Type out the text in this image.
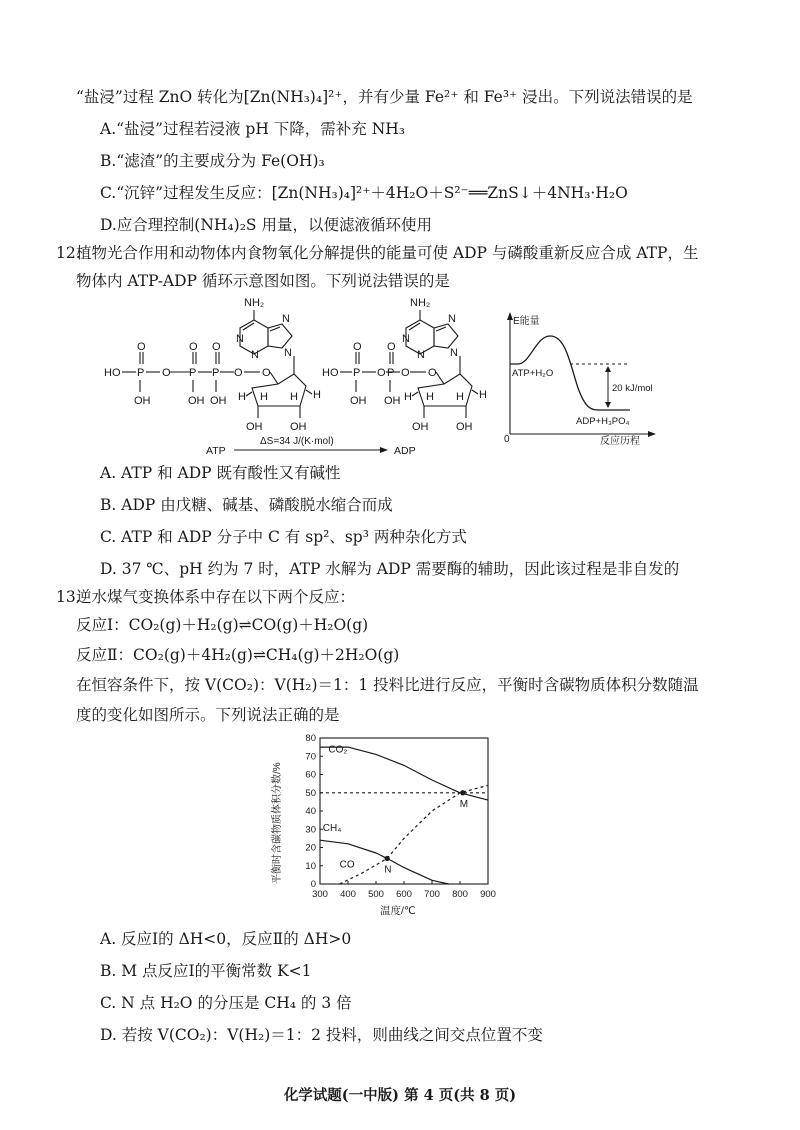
“盐浸”过程 ZnO 转化为[Zn(NH₃)₄]²⁺，并有少量 Fe²⁺ 和 Fe³⁺ 浸出。下列说法错误的是
A.“盐浸”过程若浸液 pH 下降，需补充 NH₃
B.“滤渣”的主要成分为 Fe(OH)₃
C.“沉锌”过程发生反应：[Zn(NH₃)₄]²⁺＋4H₂O＋S²⁻══ZnS↓＋4NH₃·H₂O
D.应合理控制(NH₄)₂S 用量，以便滤液循环使用
12.
植物光合作用和动物体内食物氧化分解提供的能量可使 ADP 与磷酸重新反应合成 ATP，生
物体内 ATP-ADP 循环示意图如图。下列说法错误的是
HO P
O
OH
O P
O
OH
P
O
OH
O O
NH₂
N
N
N
N
H	H
H H
OH	OH
HO P
O
OH
O P
O
OH
O O
NH₂
N
N
N
N
H	H
H H
OH	OH
ATP
ΔS=34 J/(K·mol)
ADP
E能量
0	反应历程
ATP+H₂O
ADP+H₃PO₄
20 kJ/mol
A. ATP 和 ADP 既有酸性又有碱性
B. ADP 由戊糖、碱基、磷酸脱水缩合而成
C. ATP 和 ADP 分子中 C 有 sp²、sp³ 两种杂化方式
D. 37 ℃、pH 约为 7 时，ATP 水解为 ADP 需要酶的辅助，因此该过程是非自发的
13.
逆水煤气变换体系中存在以下两个反应：
反应Ⅰ：CO₂(g)＋H₂(g)⇌CO(g)＋H₂O(g)
反应Ⅱ：CO₂(g)＋4H₂(g)⇌CH₄(g)＋2H₂O(g)
在恒容条件下，按 V(CO₂)：V(H₂)＝1：1 投料比进行反应，平衡时含碳物质体积分数随温
度的变化如图所示。下列说法正确的是
0
10
20
30
40
50
60
70
80
300 400 500 600 700 800 900
CO₂
CH₄
CO
M
N
平衡时含碳物质体积分数/%
温度/℃
A. 反应Ⅰ的 ΔH<0，反应Ⅱ的 ΔH>0
B. M 点反应Ⅰ的平衡常数 K<1
C. N 点 H₂O 的分压是 CH₄ 的 3 倍
D. 若按 V(CO₂)：V(H₂)＝1：2 投料，则曲线之间交点位置不变
化学试题(一中版) 第 4 页(共 8 页)
